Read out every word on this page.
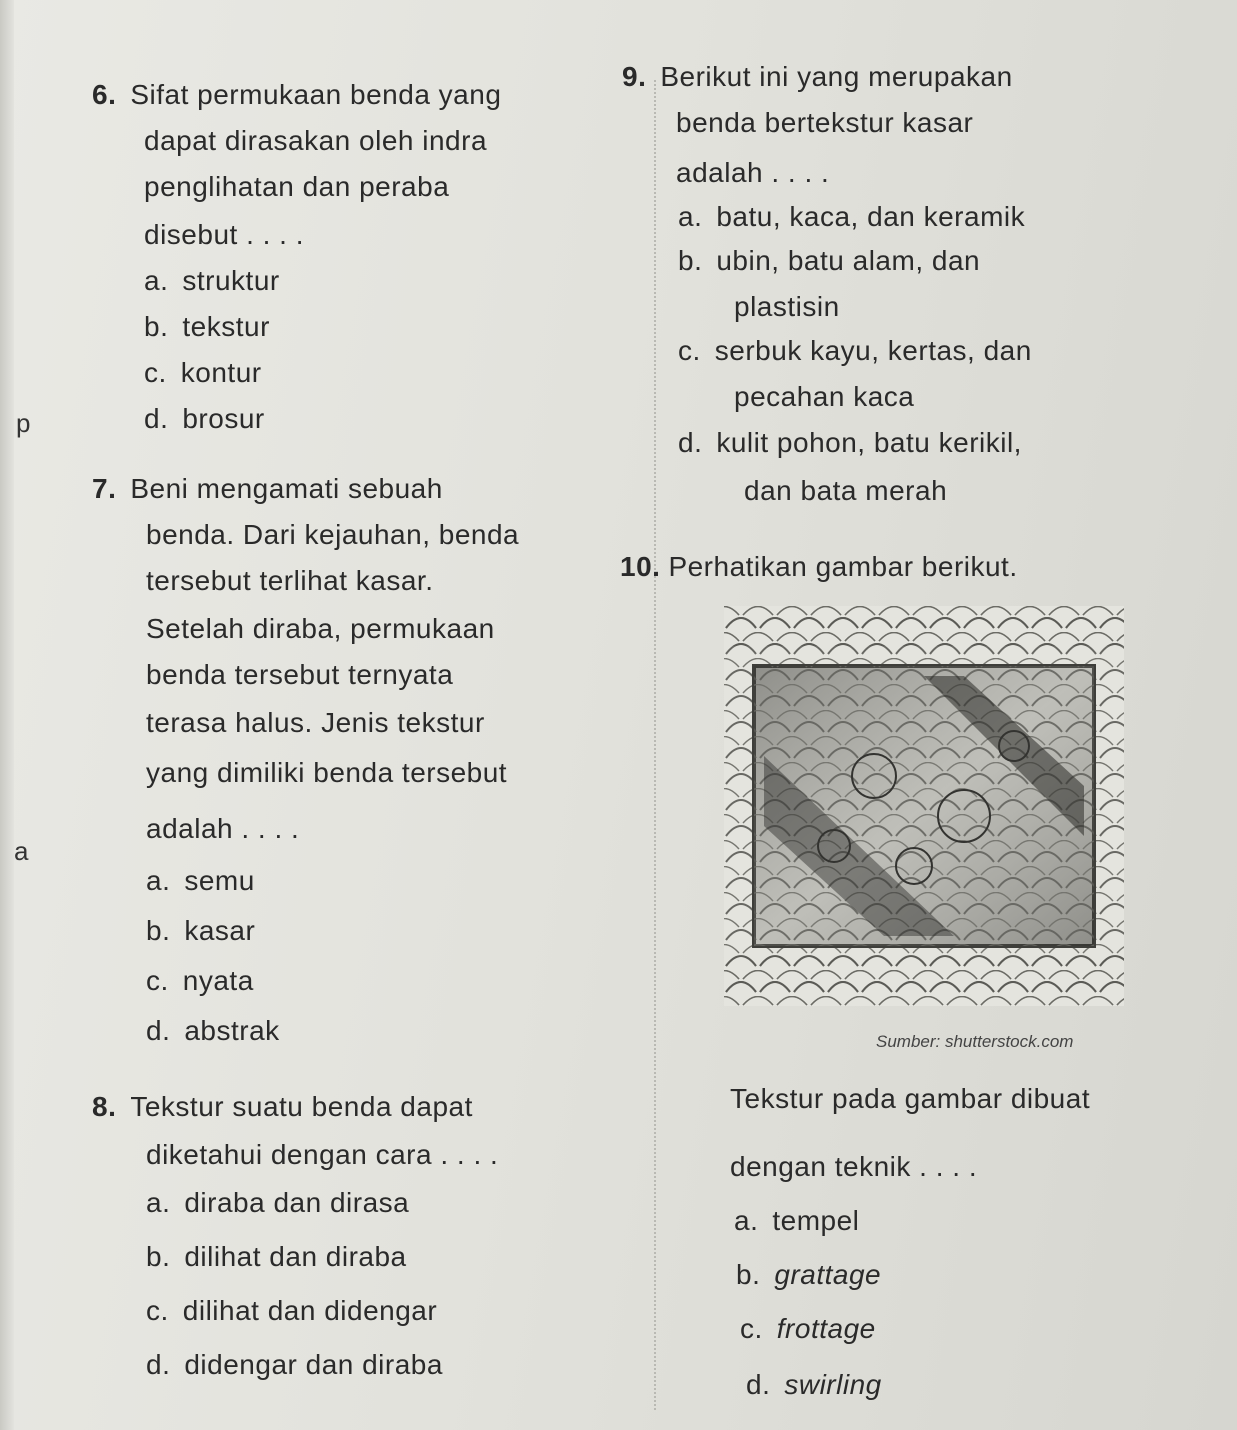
p
a
6. Sifat permukaan benda yang
dapat dirasakan oleh indra
penglihatan dan peraba
disebut . . . .
a. struktur
b. tekstur
c. kontur
d. brosur
7. Beni mengamati sebuah
benda. Dari kejauhan, benda
tersebut terlihat kasar.
Setelah diraba, permukaan
benda tersebut ternyata
terasa halus. Jenis tekstur
yang dimiliki benda tersebut
adalah . . . .
a. semu
b. kasar
c. nyata
d. abstrak
8. Tekstur suatu benda dapat
diketahui dengan cara . . . .
a. diraba dan dirasa
b. dilihat dan diraba
c. dilihat dan didengar
d. didengar dan diraba
9. Berikut ini yang merupakan
benda bertekstur kasar
adalah . . . .
a. batu, kaca, dan keramik
b. ubin, batu alam, dan
plastisin
c. serbuk kayu, kertas, dan
pecahan kaca
d. kulit pohon, batu kerikil,
dan bata merah
10. Perhatikan gambar berikut.
Sumber: shutterstock.com
Tekstur pada gambar dibuat
dengan teknik . . . .
a. tempel
b. grattage
c. frottage
d. swirling
